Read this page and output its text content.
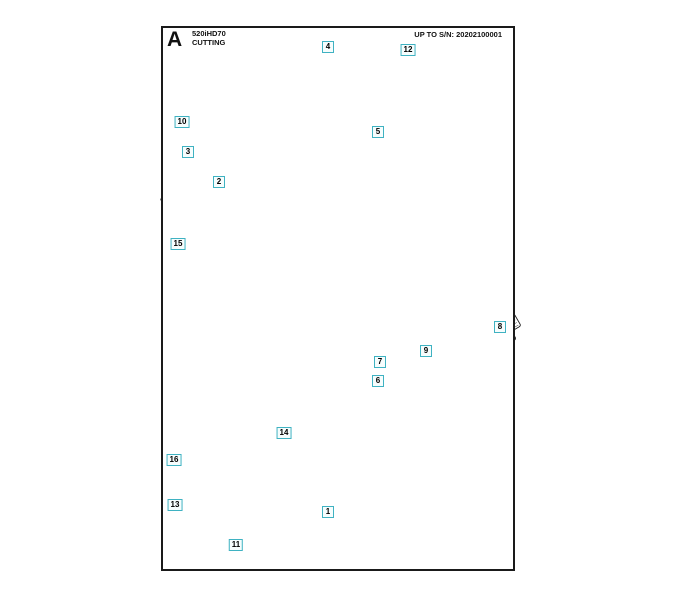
A 520iHD70
CUTTING
UP TO S/N: 20202100001
1
2
3
4
5
6
7
8
9
10
11
12
13
14
15
16
